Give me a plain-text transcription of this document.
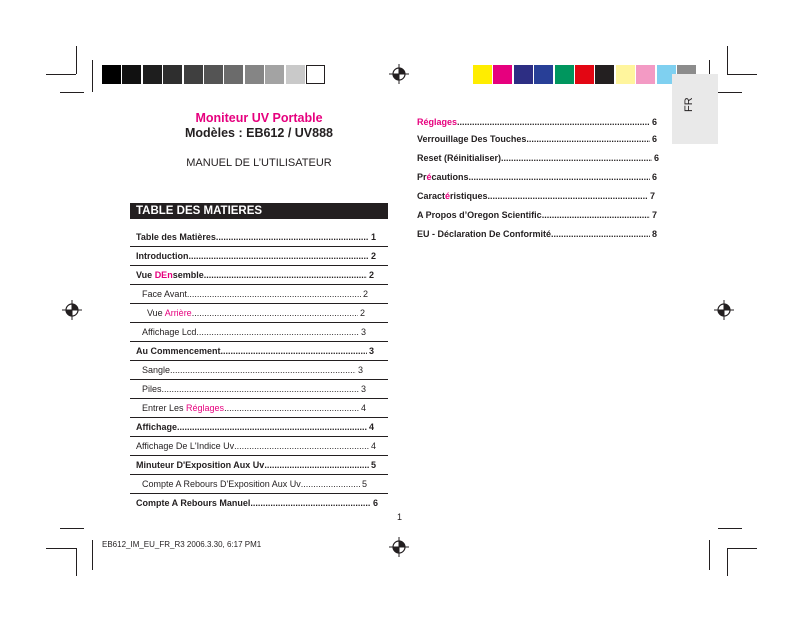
FR
Moniteur UV Portable
Modèles : EB612 / UV888
MANUEL DE L’UTILISATEUR
TABLE DES MATIERES
Table des Matières .....	1
Introduction .....	2
Vue DEnsemble .....	2
Face Avant .....	2
Vue Arrière .....	2
Affichage Lcd .....	3
Au Commencement .....	3
Sangle .....	3
Piles .....	3
Entrer Les Réglages .....	4
Affichage .....	4
Affichage De L'Indice Uv .....	4
Minuteur D'Exposition Aux Uv .....	5
Compte A Rebours D'Exposition Aux Uv .....	5
Compte A Rebours Manuel .....	6
Réglages .....	6
Verrouillage Des Touches .....	6
Reset (Réinitialiser) .....	6
Précautions .....	6
Caractéristiques .....	7
A Propos d’Oregon Scientific .....	7
EU - Déclaration De Conformité .....	8
1
EB612_IM_EU_FR_R3 2006.3.30, 6:17 PM1
